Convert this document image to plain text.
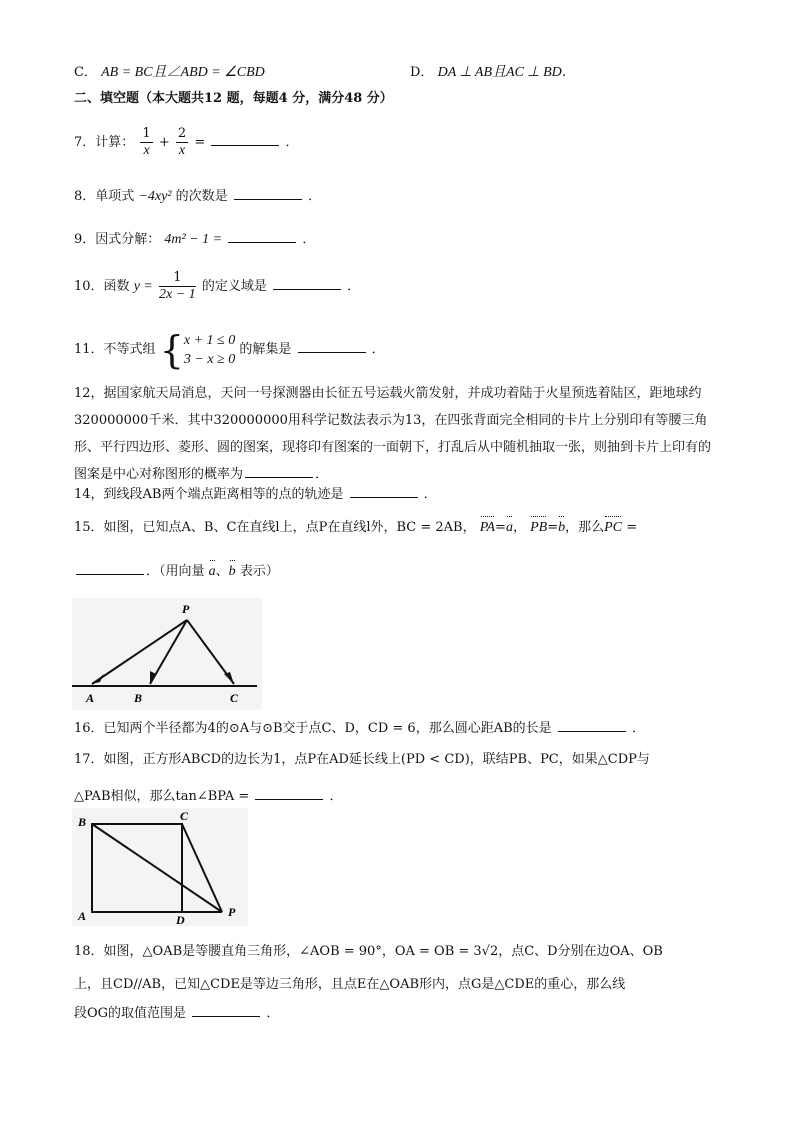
C． AB = BC且∠ABD = ∠CBD	D． DA ⊥ AB且AC ⊥ BD．
二、填空题（本大题共12 题，每题4 分，满分48 分）
7．计算： $\frac{1}{x} + \frac{2}{x}$ =	．
8．单项式 −4xy² 的次数是	．
9．因式分解： 4m² − 1 =	．
10．函数 $y = \frac{1}{2x - 1}$ 的定义域是	．
11．不等式组 { x + 1 ≤ 0
3 − x ≥ 0
的解集是	．
12，据国家航天局消息，天问一号探测器由长征五号运载火箭发射，并成功着陆于火星预选着陆区，距地球约320000000千米．其中320000000用科学记数法表示为13，在四张背面完全相同的卡片上分别印有等腰三角形、平行四边形、菱形、圆的图案，现将印有图案的一面朝下，打乱后从中随机抽取一张，则抽到卡片上印有的图案是中心对称图形的概率为	．
14，到线段AB两个端点距离相等的点的轨迹是	．
15．如图，已知点A、B、C在直线l上，点P在直线l外，BC = 2AB， PA=a， PB=b，那么PC =
．（用向量 a、b 表示）
P
A	B	C
16．已知两个半径都为4的⊙A与⊙B交于点C、D，CD = 6，那么圆心距AB的长是	．
17．如图，正方形ABCD的边长为1，点P在AD延长线上(PD < CD)，联结PB、PC，如果△CDP与
△PAB相似，那么tan∠BPA =	．
B	C
A	D
P
18．如图，△OAB是等腰直角三角形，∠AOB = 90°，OA = OB = 3√2，点C、D分别在边OA、OB
上，且CD//AB，已知△CDE是等边三角形，且点E在△OAB形内，点G是△CDE的重心，那么线
段OG的取值范围是	．
